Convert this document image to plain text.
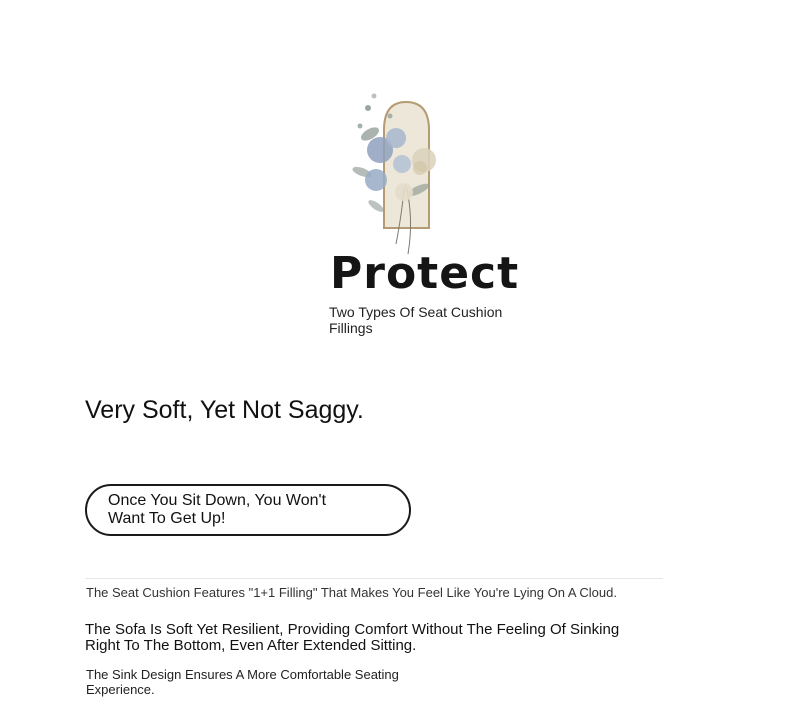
Protect
Two Types Of Seat Cushion Fillings
Very Soft, Yet Not Saggy.
Once You Sit Down, You Won't Want To Get Up!
The Seat Cushion Features "1+1 Filling" That Makes You Feel Like You're Lying On A Cloud.
The Sofa Is Soft Yet Resilient, Providing Comfort Without The Feeling Of Sinking Right To The Bottom, Even After Extended Sitting.
The Sink Design Ensures A More Comfortable Seating Experience.
